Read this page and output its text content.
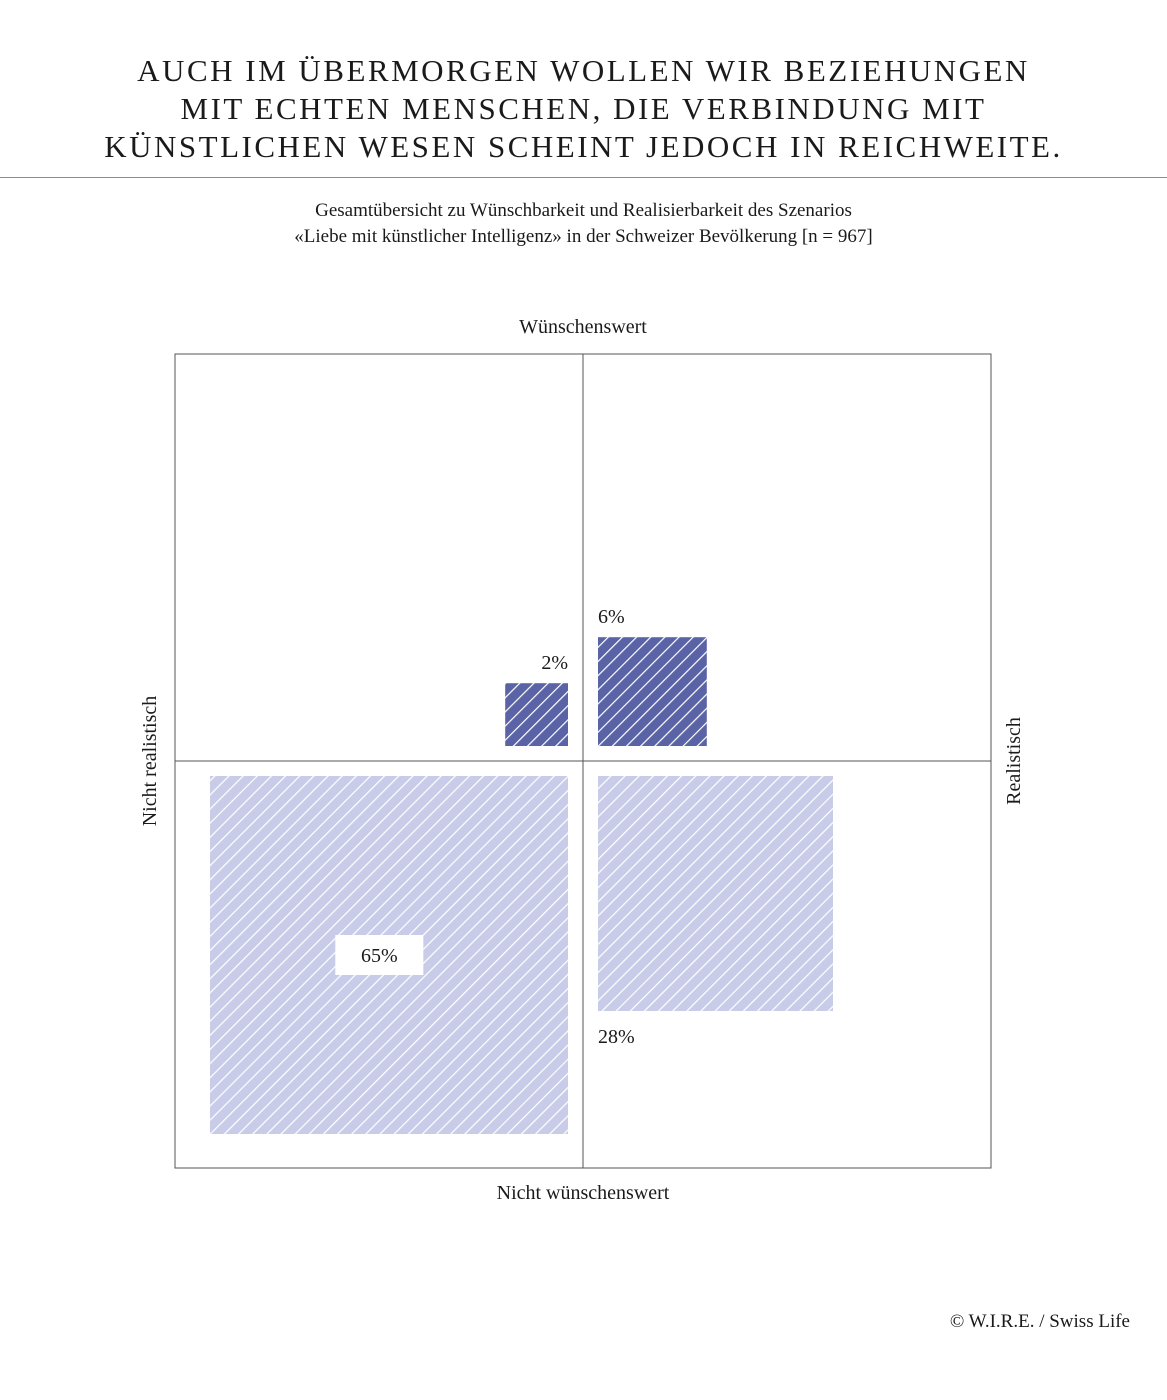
AUCH IM ÜBERMORGEN WOLLEN WIR BEZIEHUNGEN
MIT ECHTEN MENSCHEN, DIE VERBINDUNG MIT
KÜNSTLICHEN WESEN SCHEINT JEDOCH IN REICHWEITE.
Gesamtübersicht zu Wünschbarkeit und Realisierbarkeit des Szenarios
«Liebe mit künstlicher Intelligenz» in der Schweizer Bevölkerung [n = 967]
2%
6%
65%
28%
Wünschenswert
Nicht wünschenswert
Nicht realistisch	Realistisch
© W.I.R.E. / Swiss Life
